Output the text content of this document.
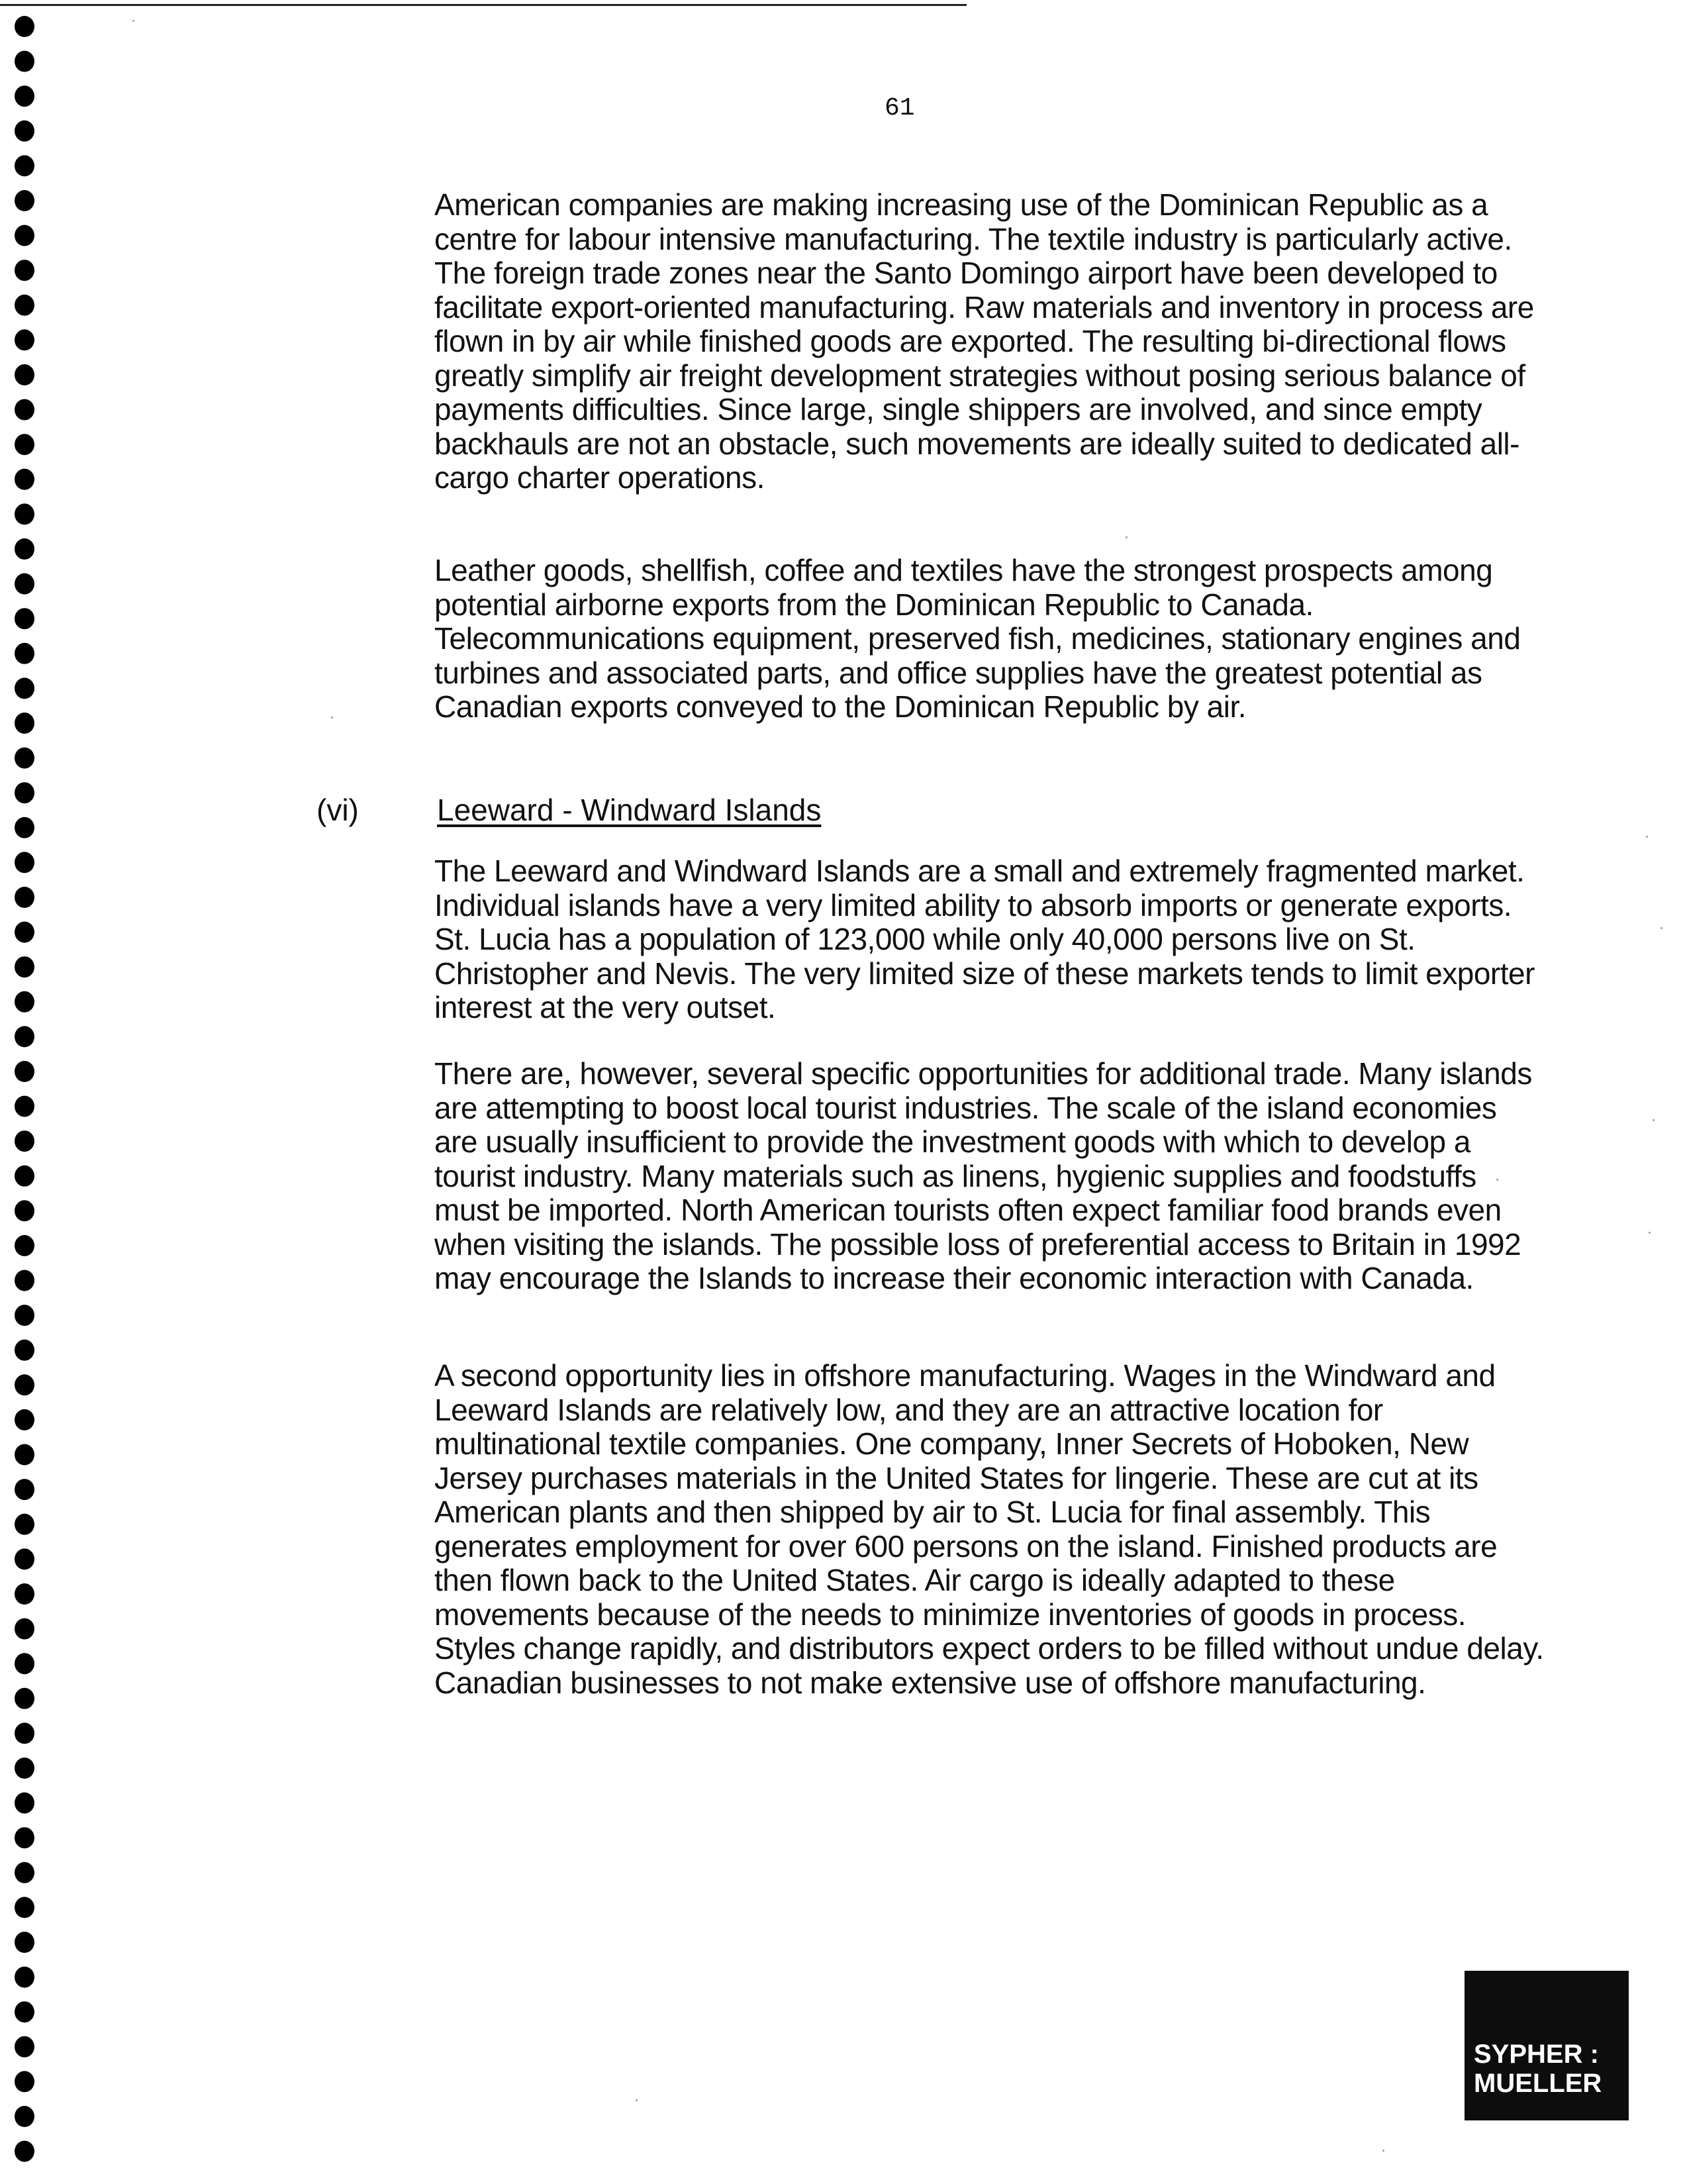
61

American companies are making increasing use of the Dominican Republic as a centre for labour intensive manufacturing. The textile industry is particularly active. The foreign trade zones near the Santo Domingo airport have been developed to facilitate export-oriented manufacturing. Raw materials and inventory in process are flown in by air while finished goods are exported. The resulting bi-directional flows greatly simplify air freight development strategies without posing serious balance of payments difficulties. Since large, single shippers are involved, and since empty backhauls are not an obstacle, such movements are ideally suited to dedicated all-cargo charter operations.

Leather goods, shellfish, coffee and textiles have the strongest prospects among potential airborne exports from the Dominican Republic to Canada. Telecommunications equipment, preserved fish, medicines, stationary engines and turbines and associated parts, and office supplies have the greatest potential as Canadian exports conveyed to the Dominican Republic by air.

(vi)	Leeward - Windward Islands

The Leeward and Windward Islands are a small and extremely fragmented market. Individual islands have a very limited ability to absorb imports or generate exports. St. Lucia has a population of 123,000 while only 40,000 persons live on St. Christopher and Nevis. The very limited size of these markets tends to limit exporter interest at the very outset.

There are, however, several specific opportunities for additional trade. Many islands are attempting to boost local tourist industries. The scale of the island economies are usually insufficient to provide the investment goods with which to develop a tourist industry. Many materials such as linens, hygienic supplies and foodstuffs must be imported. North American tourists often expect familiar food brands even when visiting the islands. The possible loss of preferential access to Britain in 1992 may encourage the Islands to increase their economic interaction with Canada.

A second opportunity lies in offshore manufacturing. Wages in the Windward and Leeward Islands are relatively low, and they are an attractive location for multinational textile companies. One company, Inner Secrets of Hoboken, New Jersey purchases materials in the United States for lingerie. These are cut at its American plants and then shipped by air to St. Lucia for final assembly. This generates employment for over 600 persons on the island. Finished products are then flown back to the United States. Air cargo is ideally adapted to these movements because of the needs to minimize inventories of goods in process. Styles change rapidly, and distributors expect orders to be filled without undue delay. Canadian businesses to not make extensive use of offshore manufacturing.

SYPHER :
MUELLER
